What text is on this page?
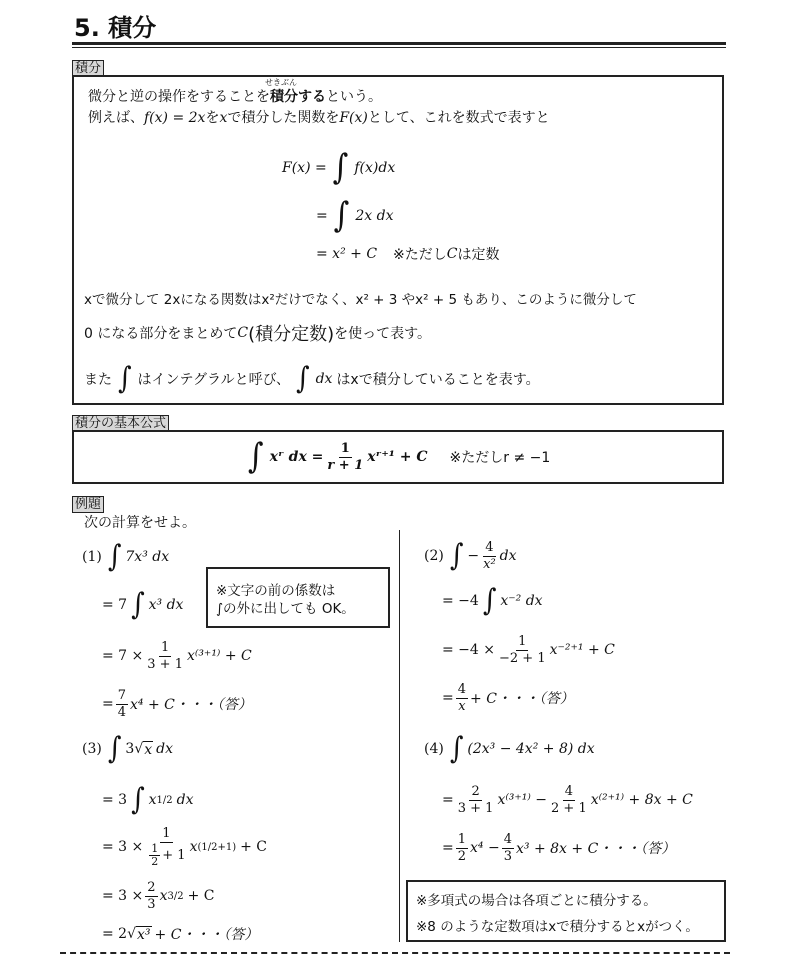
5. 積分
積分
せきぶん
微分と逆の操作をすることを積分するという。
例えば、f(x) = 2xをxで積分した関数をF(x)として、これを数式で表すと
F(x) = ∫ f(x)dx
= ∫ 2x dx
= x² + C ※ただし C は定数
xで微分して 2xになる関数はx²だけでなく、x² + 3 やx² + 5 もあり、このように微分して
0 になる部分をまとめて C (積分定数) を使って表す。
また ∫ はインテグラルと呼び、 ∫ dx はxで積分していることを表す。
積分の基本公式
∫ xʳ dx = $\frac{1}{r + 1}$ xʳ⁺¹ + C ※ただしr ≠ −1
例題
次の計算をせよ。
(1) ∫ 7x³ dx
= 7 ∫ x³ dx
= $7 \times \frac{1}{3 + 1} x^{(3+1)} + C$
= $\frac{7}{4} x^4 + C$・・・（答）
※文字の前の係数は
∫の外に出しても OK。
(2) ∫ − $\frac{4}{\text{x²}}$ dx
= −4 ∫ x⁻² dx
= $-4 \times \frac{1}{-2 + 1} x^{-2+1} + C$
= $\frac{4}{x} + C$・・・（答）
(3) ∫ 3 √ x dx
= 3 ∫ x 1/2 dx
= $3 \times \frac{1}{\frac{1}{2} + 1}$ x (1/2+1) + C
= $3 \times \frac{2}{3}$ x 3/2 + C
= 2 √ x³ + C・・・（答）
(4) ∫ (2x³ − 4x² + 8) dx
= $\frac{2}{3 + 1} x^{(3+1)} - \frac{4}{2 + 1} x^{(2+1)} + 8x + C$
= $\frac{1}{2} x^4 - \frac{4}{3} x^3 + 8x + C$・・・（答）
※多項式の場合は各項ごとに積分する。
※8 のような定数項はxで積分するとxがつく。
